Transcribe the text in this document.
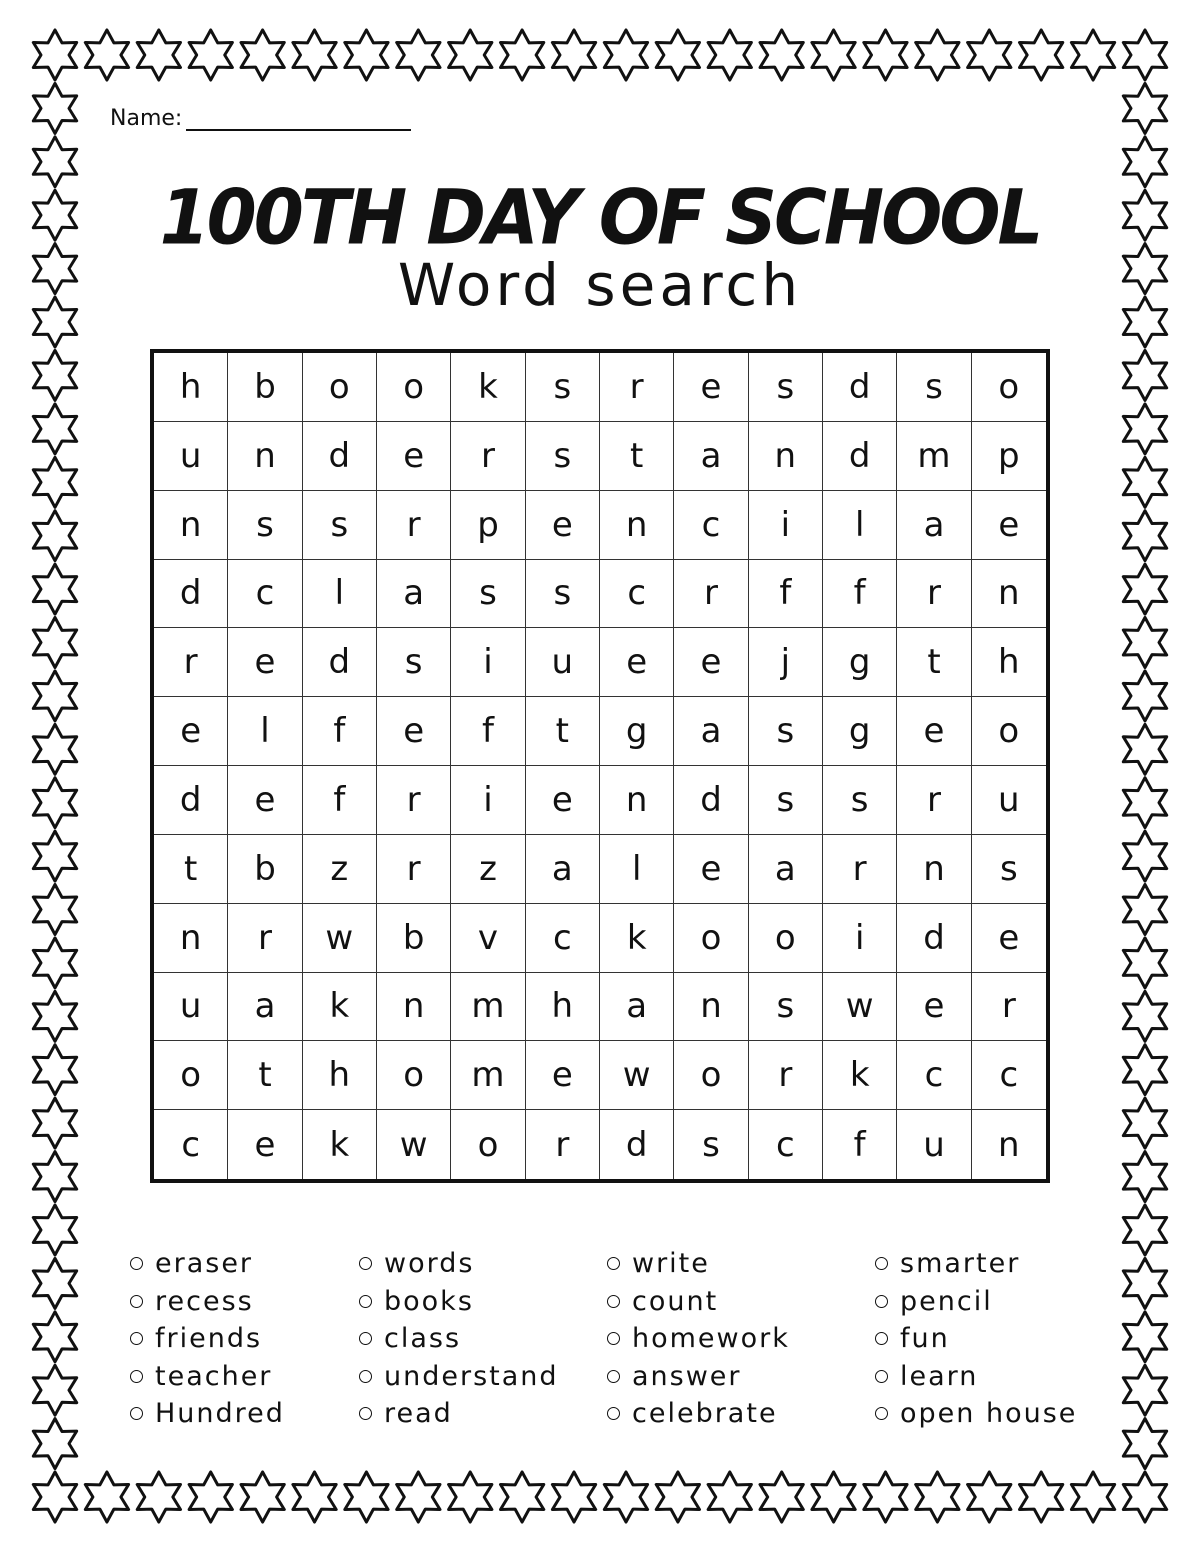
Name:
100TH DAY OF SCHOOL
Word search
h	b	o	o	k	s	r	e	s	d	s	o
u	n	d	e	r	s	t	a	n	d	m	p
n	s	s	r	p	e	n	c	i	l	a	e
d	c	l	a	s	s	c	r	f	f	r	n
r	e	d	s	i	u	e	e	j	g	t	h
e	l	f	e	f	t	g	a	s	g	e	o
d	e	f	r	i	e	n	d	s	s	r	u
t	b	z	r	z	a	l	e	a	r	n	s
n	r	w	b	v	c	k	o	o	i	d	e
u	a	k	n	m	h	a	n	s	w	e	r
o	t	h	o	m	e	w	o	r	k	c	c
c	e	k	w	o	r	d	s	c	f	u	n
eraser
recess
friends
teacher
Hundred
words
books
class
understand
read
write
count
homework
answer
celebrate
smarter
pencil
fun
learn
open house
